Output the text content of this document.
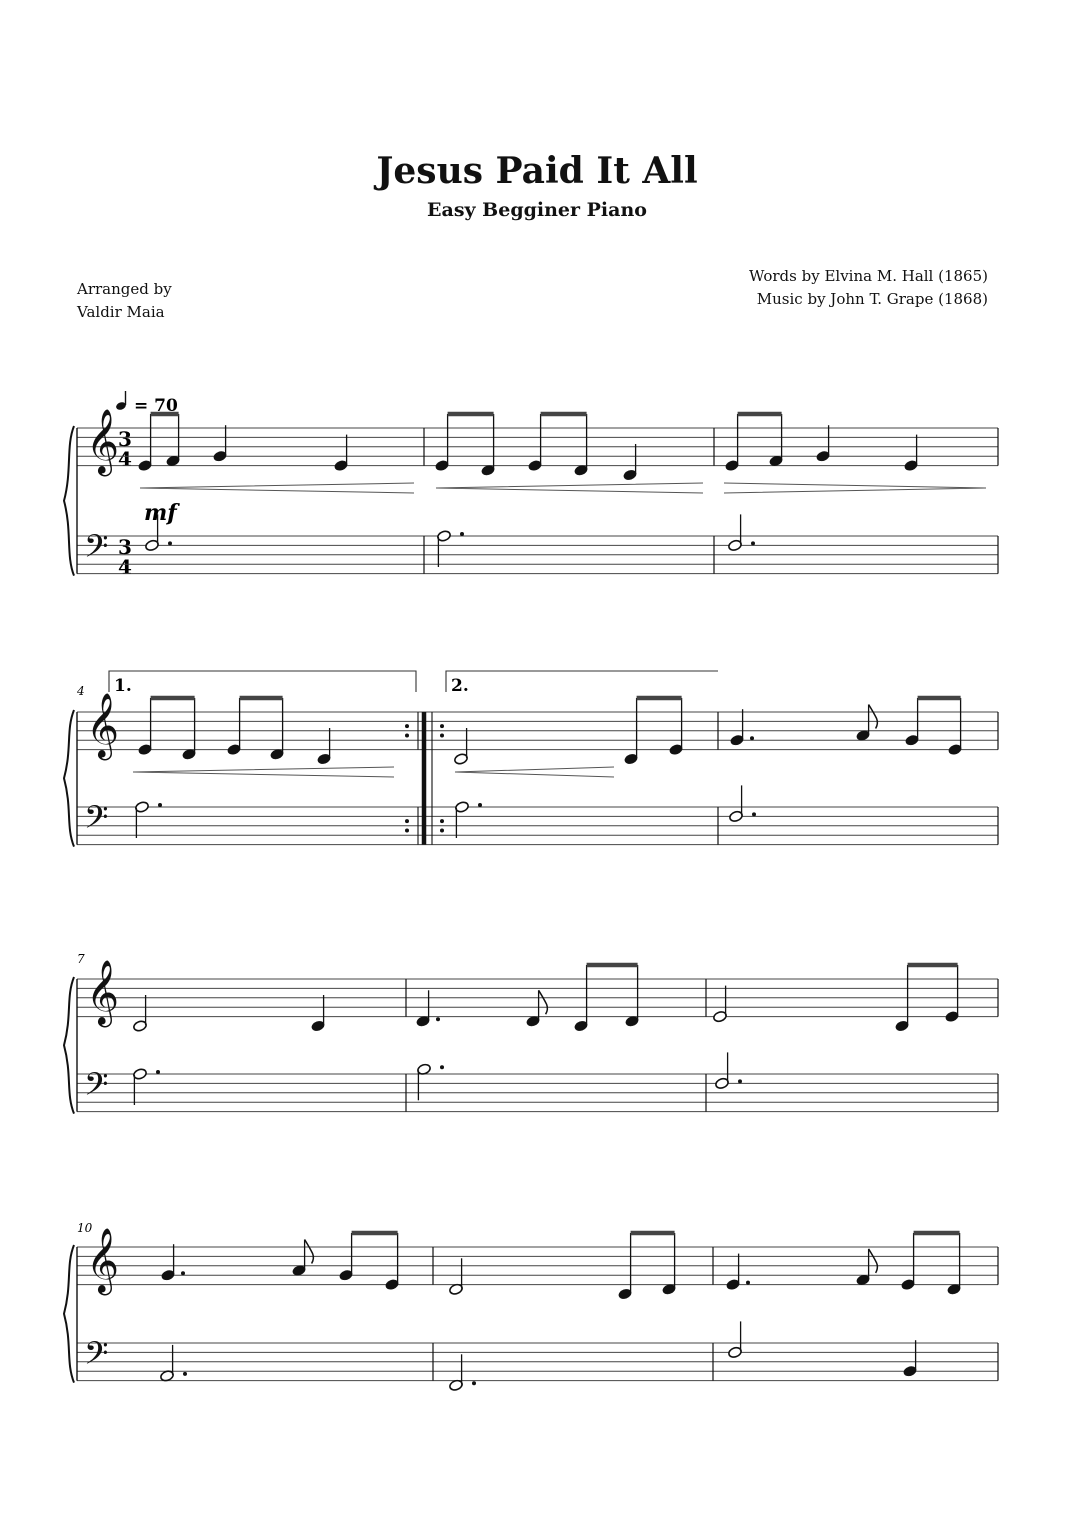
Jesus Paid It All
Easy Begginer Piano
Arranged by
Valdir Maia
Words by Elvina M. Hall (1865)
Music by John T. Grape (1868)
= 70
3
4
3
4
mf
4
7
10
1.	2.
𝄞
𝄢
𝄞
𝄢
𝄞
𝄢
𝄞
𝄢
